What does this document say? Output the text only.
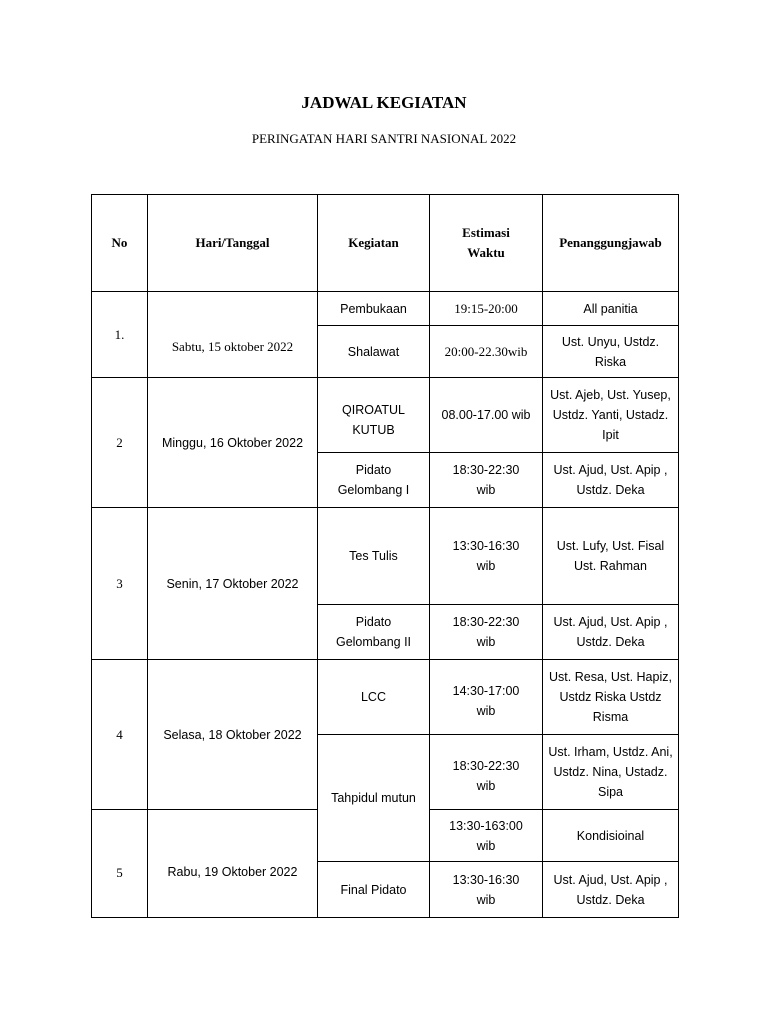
JADWAL KEGIATAN
PERINGATAN HARI SANTRI NASIONAL 2022
No	Hari/Tanggal	Kegiatan	Estimasi Waktu	Penanggungjawab
1.	Sabtu, 15 oktober 2022	Pembukaan	19:15-20:00	All panitia
		Shalawat	20:00-22.30wib	Ust. Unyu, Ustdz. Riska
2	Minggu, 16 Oktober 2022	QIROATUL KUTUB	08.00-17.00 wib	Ust. Ajeb, Ust. Yusep, Ustdz. Yanti, Ustadz. Ipit
		Pidato Gelombang I	18:30-22:30 wib	Ust. Ajud, Ust. Apip , Ustdz. Deka
3	Senin, 17 Oktober 2022	Tes Tulis	13:30-16:30 wib	Ust. Lufy, Ust. Fisal Ust. Rahman
		Pidato Gelombang II	18:30-22:30 wib	Ust. Ajud, Ust. Apip , Ustdz. Deka
4	Selasa, 18 Oktober 2022	LCC	14:30-17:00 wib	Ust. Resa, Ust. Hapiz, Ustdz Riska Ustdz Risma
		Tahpidul mutun	18:30-22:30 wib	Ust. Irham, Ustdz. Ani, Ustdz. Nina, Ustadz. Sipa
5	Rabu, 19 Oktober 2022		13:30-163:00 wib	Kondisioinal
		Final Pidato	13:30-16:30 wib	Ust. Ajud, Ust. Apip , Ustdz. Deka
